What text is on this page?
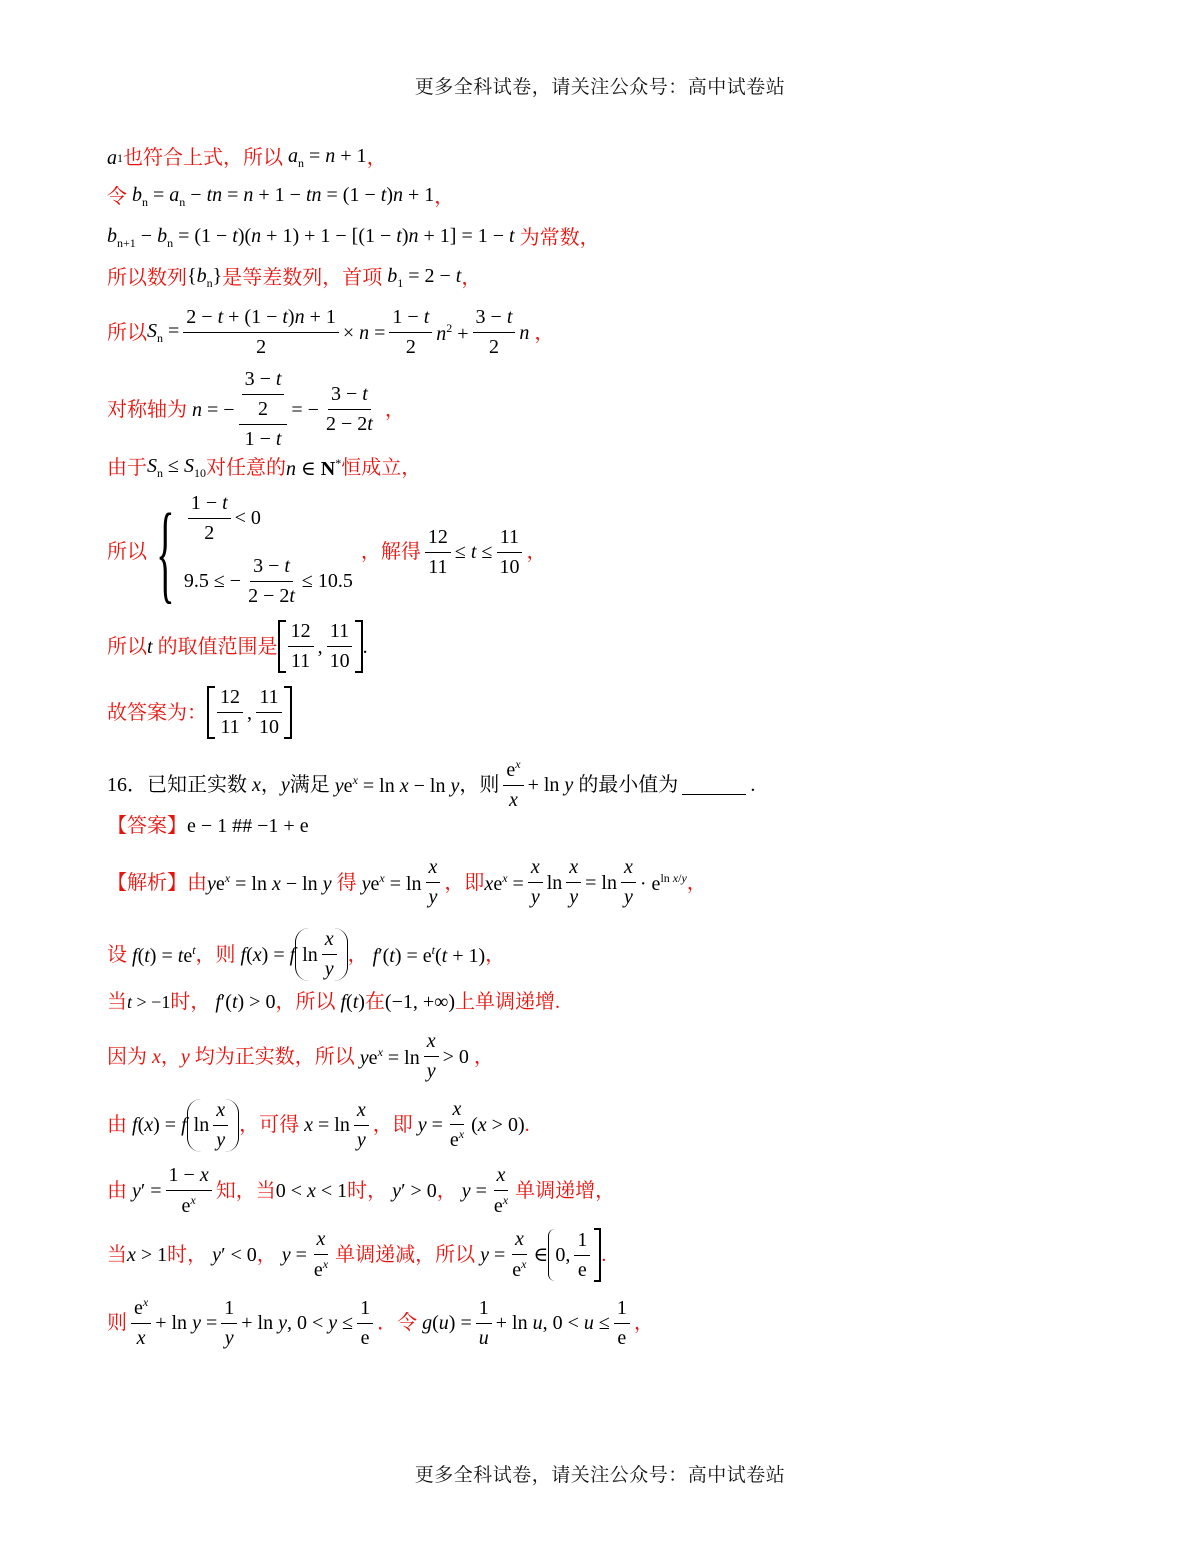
更多全科试卷，请关注公众号：高中试卷站
a 1 也符合上式，所以 $a_n = n + 1$ ，
令 $b_n = a_n$ − tn = n + 1 − tn = (1 − t)n + 1 ，
$b_{n+1} - b_n = (1 - t)(n + 1) + 1 - [(1 - t)n + 1] = 1 - t$ 为常数，
所以数列 $\{b_n\}$ 是等差数列，首项 $b_1 = 2 - t$ ，
所以 $S_n = \frac{2 - t + (1 - t)n + 1}{2} \times n = \frac{1 - t}{2} n^2 + \frac{3 - t}{2}$ n ，
对称轴为 n = − $\frac{\frac{3 - t}{2}}{1 - t}$ = − $\frac{3 - t}{2 - 2t}$ ，
由于 $S_n \le S_{10}$ 对任意的 n ∈ N* 恒成立，
所以 { 1 − t
2
< 0
9.5 ≤ −
3 − t
2 − 2t
≤ 10.5
，解得 $\frac{12}{11} \le t \le \frac{11}{10}$ ，
所以 t
的取值范围是
12
11
,
11
10
.
故答案为：
12
11
,
11
10
16．已知正实数 x，y 满足 $ye^x = \ln x - \ln y$ ，则
$e^x$
x
+ ln y 的最小值为	.
【答案】 e − 1 ## −1 + e
【解析】 由 $ye^x = \ln x - \ln y$ 得 $ye^x = \ln$
x
y
，即 $xe^x = \frac{x}{y}$ $\ln \frac{x}{y} = \ln$
x
y
· $e^{ln x/y}$ ，
设 $f(t) = te^t$ ，则 f(x) = f ln
x
y
， $f'(t) = e^t(t + 1)$ ，
当 t > −1 时， f′(t) > 0 ，所以 f(t) 在 (−1, +∞) 上单调递增.
因为 x，y 均为正实数，所以 $ye^x = \ln$
x
y
> 0 ，
由 f(x) = f ln
x
y
，可得 x = ln
x
y
，即 $y = \frac{x}{e^x} (x > 0)$ .
由 $y' = \frac{1 - x}{e^x}$ 知，当 0 < x < 1 时， y′ > 0 ， $y = \frac{x}{e^x}$ 单调递增，
当 x > 1 时， y′ < 0 ， $y = \frac{x}{e^x}$ 单调递减，所以 $y = \frac{x}{e^x}$ ∈ 0,
1
e
.
则
$e^x$
x
+ $\ln y = \frac{1}{y} + \ln y$, $0 < y \le \frac{1}{e}$ ．令 $g(u) = \frac{1}{u} + \ln u$, $0 < u \le \frac{1}{e}$ ，
更多全科试卷，请关注公众号：高中试卷站
